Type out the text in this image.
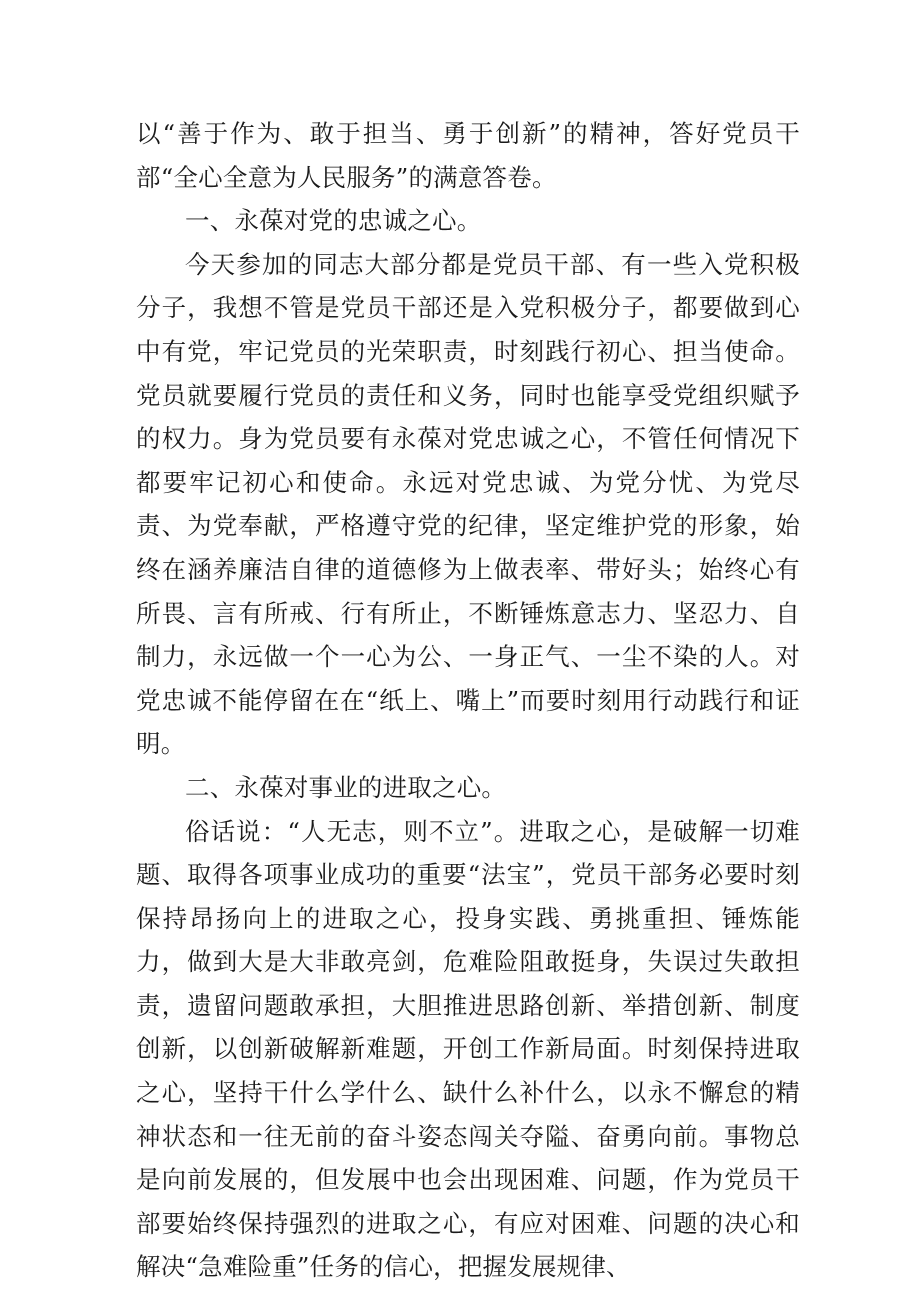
以“善于作为、敢于担当、勇于创新”的精神，答好党员干部“全心全意为人民服务”的满意答卷。

一、永葆对党的忠诚之心。

今天参加的同志大部分都是党员干部、有一些入党积极分子，我想不管是党员干部还是入党积极分子，都要做到心中有党，牢记党员的光荣职责，时刻践行初心、担当使命。党员就要履行党员的责任和义务，同时也能享受党组织赋予的权力。身为党员要有永葆对党忠诚之心，不管任何情况下都要牢记初心和使命。永远对党忠诚、为党分忧、为党尽责、为党奉献，严格遵守党的纪律，坚定维护党的形象，始终在涵养廉洁自律的道德修为上做表率、带好头；始终心有所畏、言有所戒、行有所止，不断锤炼意志力、坚忍力、自制力，永远做一个一心为公、一身正气、一尘不染的人。对党忠诚不能停留在在“纸上、嘴上”而要时刻用行动践行和证明。

二、永葆对事业的进取之心。

俗话说：“人无志，则不立”。进取之心，是破解一切难题、取得各项事业成功的重要“法宝”，党员干部务必要时刻保持昂扬向上的进取之心，投身实践、勇挑重担、锤炼能力，做到大是大非敢亮剑，危难险阻敢挺身，失误过失敢担责，遗留问题敢承担，大胆推进思路创新、举措创新、制度创新，以创新破解新难题，开创工作新局面。时刻保持进取之心，坚持干什么学什么、缺什么补什么，以永不懈怠的精神状态和一往无前的奋斗姿态闯关夺隘、奋勇向前。事物总是向前发展的，但发展中也会出现困难、问题，作为党员干部要始终保持强烈的进取之心，有应对困难、问题的决心和解决“急难险重”任务的信心，把握发展规律、
